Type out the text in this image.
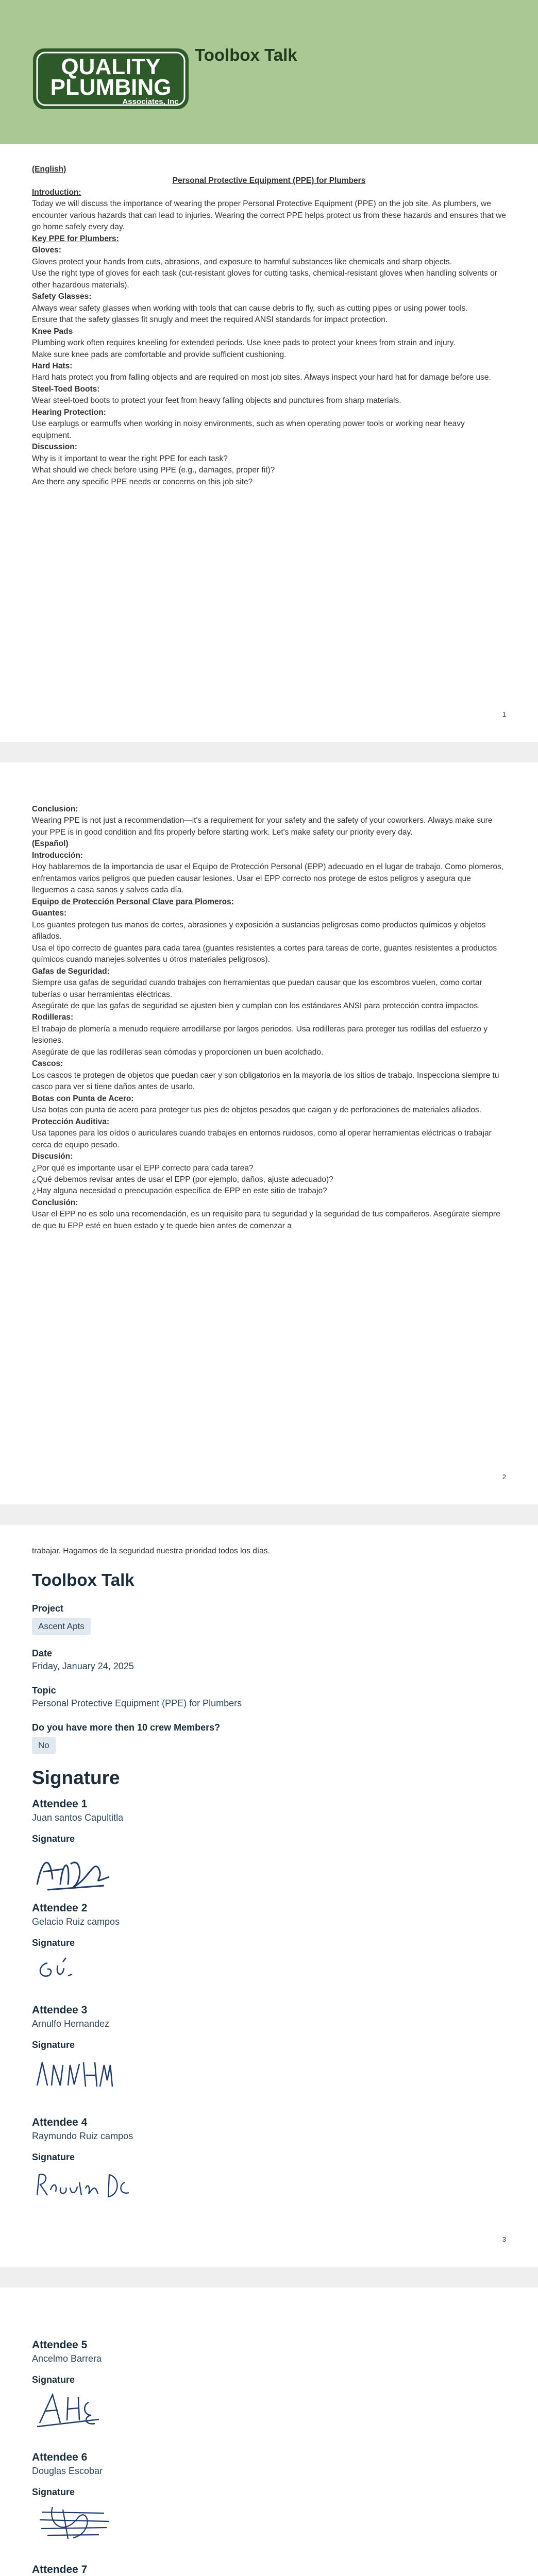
QUALITY
PLUMBING
Associates, Inc
Toolbox Talk
(English)
Personal Protective Equipment (PPE) for Plumbers
Introduction:
Today we will discuss the importance of wearing the proper Personal Protective Equipment (PPE) on the job site. As plumbers, we encounter various hazards that can lead to injuries. Wearing the correct PPE helps protect us from these hazards and ensures that we go home safely every day.
Key PPE for Plumbers:
Gloves:
Gloves protect your hands from cuts, abrasions, and exposure to harmful substances like chemicals and sharp objects.
Use the right type of gloves for each task (cut-resistant gloves for cutting tasks, chemical-resistant gloves when handling solvents or other hazardous materials).
Safety Glasses:
Always wear safety glasses when working with tools that can cause debris to fly, such as cutting pipes or using power tools.
Ensure that the safety glasses fit snugly and meet the required ANSI standards for impact protection.
Knee Pads
Plumbing work often requires kneeling for extended periods. Use knee pads to protect your knees from strain and injury.
Make sure knee pads are comfortable and provide sufficient cushioning.
Hard Hats:
Hard hats protect you from falling objects and are required on most job sites. Always inspect your hard hat for damage before use.
Steel-Toed Boots:
Wear steel-toed boots to protect your feet from heavy falling objects and punctures from sharp materials.
Hearing Protection:
Use earplugs or earmuffs when working in noisy environments, such as when operating power tools or working near heavy equipment.
Discussion:
Why is it important to wear the right PPE for each task?
What should we check before using PPE (e.g., damages, proper fit)?
Are there any specific PPE needs or concerns on this job site?
1
Conclusion:
Wearing PPE is not just a recommendation—it's a requirement for your safety and the safety of your coworkers. Always make sure your PPE is in good condition and fits properly before starting work. Let's make safety our priority every day.
(Español)
Introducción:
Hoy hablaremos de la importancia de usar el Equipo de Protección Personal (EPP) adecuado en el lugar de trabajo. Como plomeros, enfrentamos varios peligros que pueden causar lesiones. Usar el EPP correcto nos protege de estos peligros y asegura que lleguemos a casa sanos y salvos cada día.
Equipo de Protección Personal Clave para Plomeros:
Guantes:
Los guantes protegen tus manos de cortes, abrasiones y exposición a sustancias peligrosas como productos químicos y objetos afilados.
Usa el tipo correcto de guantes para cada tarea (guantes resistentes a cortes para tareas de corte, guantes resistentes a productos químicos cuando manejes solventes u otros materiales peligrosos).
Gafas de Seguridad:
Siempre usa gafas de seguridad cuando trabajes con herramientas que puedan causar que los escombros vuelen, como cortar tuberías o usar herramientas eléctricas.
Asegúrate de que las gafas de seguridad se ajusten bien y cumplan con los estándares ANSI para protección contra impactos.
Rodilleras:
El trabajo de plomería a menudo requiere arrodillarse por largos periodos. Usa rodilleras para proteger tus rodillas del esfuerzo y lesiones.
Asegúrate de que las rodilleras sean cómodas y proporcionen un buen acolchado.
Cascos:
Los cascos te protegen de objetos que puedan caer y son obligatorios en la mayoría de los sitios de trabajo. Inspecciona siempre tu casco para ver si tiene daños antes de usarlo.
Botas con Punta de Acero:
Usa botas con punta de acero para proteger tus pies de objetos pesados que caigan y de perforaciones de materiales afilados.
Protección Auditiva:
Usa tapones para los oídos o auriculares cuando trabajes en entornos ruidosos, como al operar herramientas eléctricas o trabajar cerca de equipo pesado.
Discusión:
¿Por qué es importante usar el EPP correcto para cada tarea?
¿Qué debemos revisar antes de usar el EPP (por ejemplo, daños, ajuste adecuado)?
¿Hay alguna necesidad o preocupación específica de EPP en este sitio de trabajo?
Conclusión:
Usar el EPP no es solo una recomendación, es un requisito para tu seguridad y la seguridad de tus compañeros. Asegúrate siempre de que tu EPP esté en buen estado y te quede bien antes de comenzar a
2
trabajar. Hagamos de la seguridad nuestra prioridad todos los días.
Toolbox Talk
Project
Ascent Apts
Date
Friday, January 24, 2025
Topic
Personal Protective Equipment (PPE) for Plumbers
Do you have more then 10 crew Members?
No
Signature
Attendee 1
Juan santos Capultitla
Signature
Attendee 2
Gelacio Ruiz campos
Signature
Attendee 3
Arnulfo Hernandez
Signature
Attendee 4
Raymundo Ruiz campos
Signature
3
Attendee 5
Ancelmo Barrera
Signature
Attendee 6
Douglas Escobar
Signature
Attendee 7
